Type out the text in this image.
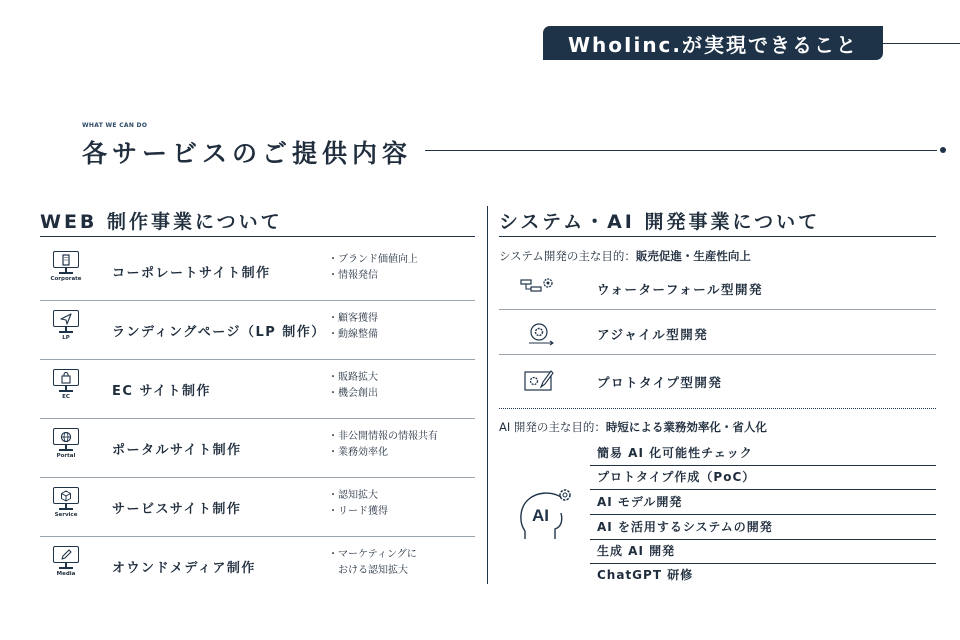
WhoIinc.が実現できること
WHAT WE CAN DO
各サービスのご提供内容
WEB 制作事業について
Corporate コーポレートサイト制作
・ブランド価値向上
・情報発信
LP	ランディングページ（LP 制作）
・顧客獲得
・動線整備
EC	EC サイト制作
・販路拡大
・機会創出
Portal	ポータルサイト制作
・非公開情報の情報共有
・業務効率化
Service	サービスサイト制作
・認知拡大
・リード獲得
Media	オウンドメディア制作
・マーケティングに
　おける認知拡大
システム・AI 開発事業について
システム開発の主な目的：販売促進・生産性向上
ウォーターフォール型開発
アジャイル型開発
プロトタイプ型開発
AI 開発の主な目的：時短による業務効率化・省人化
AI
簡易 AI 化可能性チェック
プロトタイプ作成（PoC）
AI モデル開発
AI を活用するシステムの開発
生成 AI 開発
ChatGPT 研修
